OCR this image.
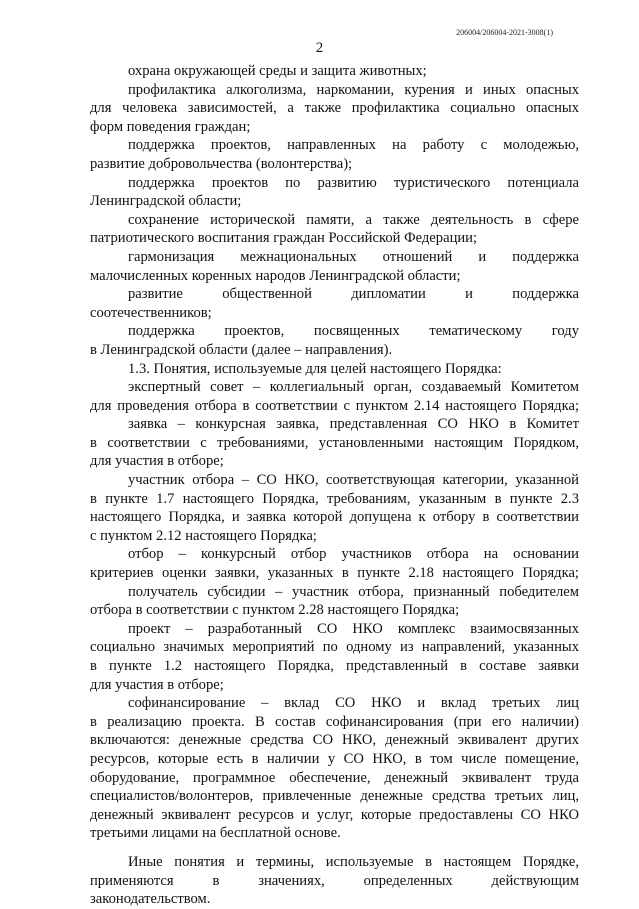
206004/206004-2021-3008(1)
2
охрана окружающей среды и защита животных;
профилактика алкоголизма, наркомании, курения и иных опасных
для человека зависимостей, а также профилактика социально опасных
форм поведения граждан;
поддержка проектов, направленных на работу с молодежью,
развитие добровольчества (волонтерства);
поддержка проектов по развитию туристического потенциала
Ленинградской области;
сохранение исторической памяти, а также деятельность в сфере
патриотического воспитания граждан Российской Федерации;
гармонизация межнациональных отношений и поддержка
малочисленных коренных народов Ленинградской области;
развитие общественной дипломатии и поддержка
соотечественников;
поддержка проектов, посвященных тематическому году
в Ленинградской области (далее – направления).
1.3. Понятия, используемые для целей настоящего Порядка:
экспертный совет – коллегиальный орган, создаваемый Комитетом
для проведения отбора в соответствии с пунктом 2.14 настоящего Порядка;
заявка – конкурсная заявка, представленная СО НКО в Комитет
в соответствии с требованиями, установленными настоящим Порядком,
для участия в отборе;
участник отбора – СО НКО, соответствующая категории, указанной
в пункте 1.7 настоящего Порядка, требованиям, указанным в пункте 2.3
настоящего Порядка, и заявка которой допущена к отбору в соответствии
с пунктом 2.12 настоящего Порядка;
отбор – конкурсный отбор участников отбора на основании
критериев оценки заявки, указанных в пункте 2.18 настоящего Порядка;
получатель субсидии – участник отбора, признанный победителем
отбора в соответствии с пунктом 2.28 настоящего Порядка;
проект – разработанный СО НКО комплекс взаимосвязанных
социально значимых мероприятий по одному из направлений, указанных
в пункте 1.2 настоящего Порядка, представленный в составе заявки
для участия в отборе;
софинансирование – вклад СО НКО и вклад третьих лиц
в реализацию проекта. В состав софинансирования (при его наличии)
включаются: денежные средства СО НКО, денежный эквивалент других
ресурсов, которые есть в наличии у СО НКО, в том числе помещение,
оборудование, программное обеспечение, денежный эквивалент труда
специалистов/волонтеров, привлеченные денежные средства третьих лиц,
денежный эквивалент ресурсов и услуг, которые предоставлены СО НКО
третьими лицами на бесплатной основе.
Иные понятия и термины, используемые в настоящем Порядке,
применяются в значениях, определенных действующим
законодательством.
